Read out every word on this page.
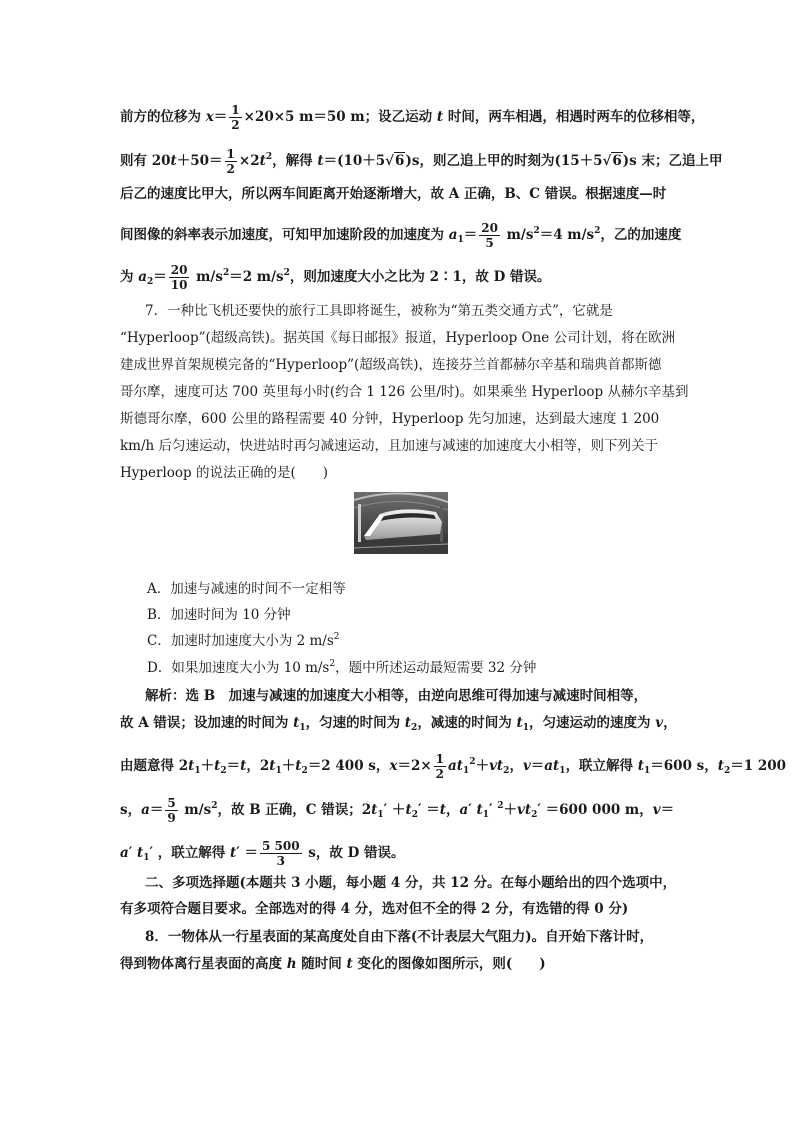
前方的位移为 $x= \frac{1}{2} \times 20\times 5$ m＝50 m；设乙运动 t 时间，两车相遇，相遇时两车的位移相等，
则有 $20t+50= \frac{1}{2} \times 2t^2$，解得 t＝(10＋5√6)s，则乙追上甲的时刻为(15＋5√6)s 末；乙追上甲
后乙的速度比甲大，所以两车间距离开始逐渐增大，故 A 正确，B、C 错误。根据速度—时
间图像的斜率表示加速度，可知甲加速阶段的加速度为 $a_1= \frac{20}{5} m/s^2=4$ $m/s^2$，乙的加速度
为 $a_2= \frac{20}{10} m/s^2=2$ $m/s^2$，则加速度大小之比为 2∶1，故 D 错误。
7．一种比飞机还要快的旅行工具即将诞生，被称为“第五类交通方式”，它就是
“Hyperloop”(超级高铁)。据英国《每日邮报》报道，Hyperloop One 公司计划，将在欧洲
建成世界首架规模完备的“Hyperloop”(超级高铁)，连接芬兰首都赫尔辛基和瑞典首都斯德
哥尔摩，速度可达 700 英里每小时(约合 1 126 公里/时)。如果乘坐 Hyperloop 从赫尔辛基到
斯德哥尔摩，600 公里的路程需要 40 分钟，Hyperloop 先匀加速，达到最大速度 1 200
km/h 后匀速运动，快进站时再匀减速运动，且加速与减速的加速度大小相等，则下列关于
Hyperloop 的说法正确的是(　　)
A．加速与减速的时间不一定相等
B．加速时间为 10 分钟
C．加速时加速度大小为 2 $m/s^2$
D．如果加速度大小为 10 $m/s^2$，题中所述运动最短需要 32 分钟
解析：选 B　加速与减速的加速度大小相等，由逆向思维可得加速与减速时间相等，
故 A 错误；设加速的时间为 $t_1$，匀速的时间为 $t_2$，减速的时间为 $t_1$，匀速运动的速度为 v，
由题意得 $2t_1+t_2=t$，$2t_1+t_2=2$ 400 s，$x=2\times \frac{1}{2} at_1^2+vt_2$，$v=at_1$，联立解得 $t_1=600$ s，$t_2=1$ 200
s，$a= \frac{5}{9} m/s^2$，故 B 正确，C 错误；$2t_1' +t_2' =t$，a′ $t_1'$ $^2+vt_2' =600$ 000 m，v＝
a′ $t_1'$ ，联立解得 $t' = \frac{5 500}{3}$ s，故 D 错误。
二、多项选择题(本题共 3 小题，每小题 4 分，共 12 分。在每小题给出的四个选项中，
有多项符合题目要求。全部选对的得 4 分，选对但不全的得 2 分，有选错的得 0 分)
8．一物体从一行星表面的某高度处自由下落(不计表层大气阻力)。自开始下落计时，
得到物体离行星表面的高度 h 随时间 t 变化的图像如图所示，则(　　)
